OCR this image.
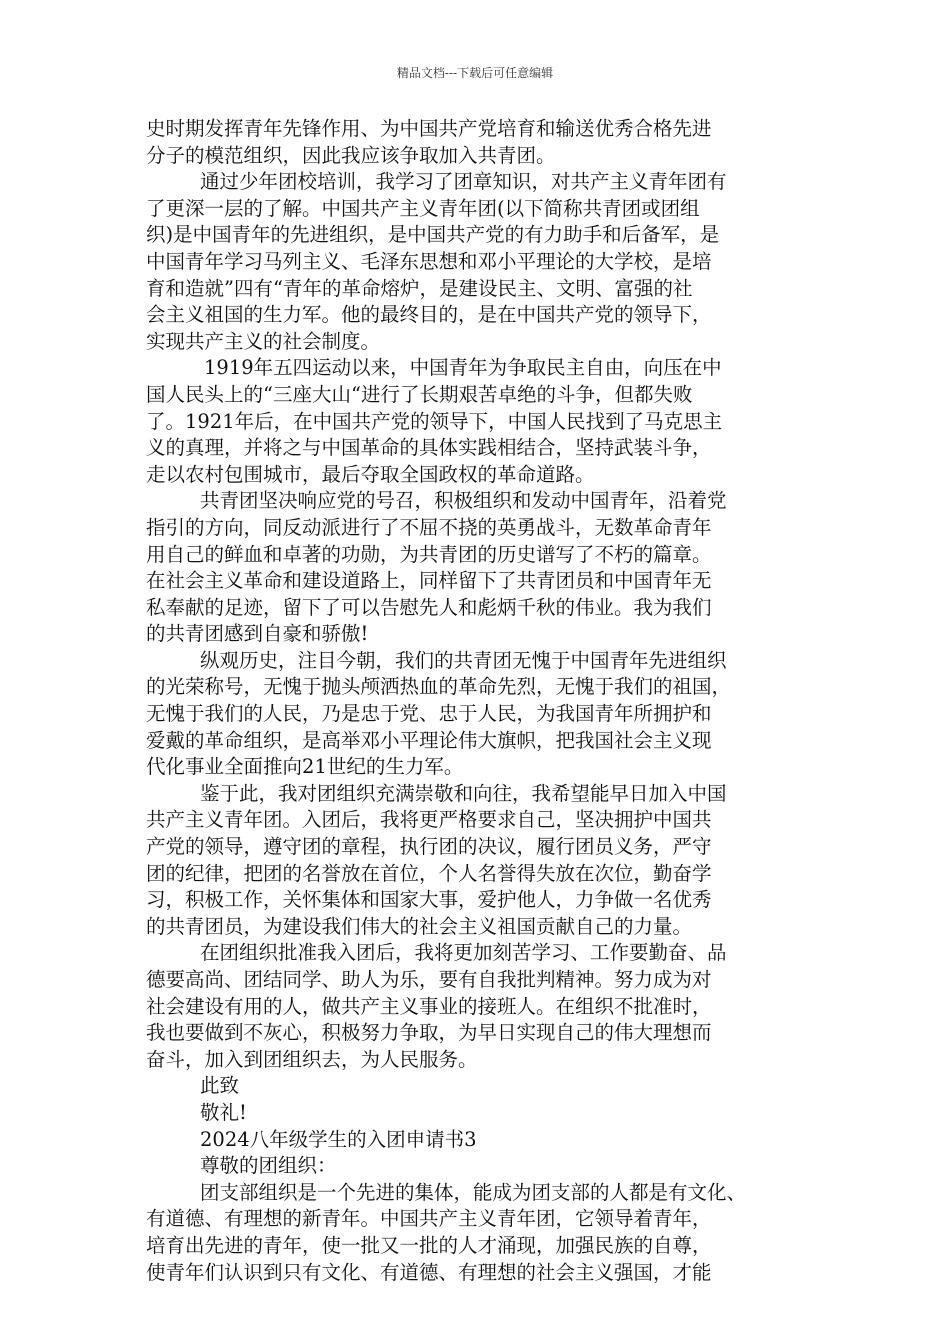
精品文档---下载后可任意编辑
史时期发挥青年先锋作用、为中国共产党培育和输送优秀合格先进
分子的模范组织，因此我应该争取加入共青团。
通过少年团校培训，我学习了团章知识，对共产主义青年团有
了更深一层的了解。中国共产主义青年团(以下简称共青团或团组
织)是中国青年的先进组织，是中国共产党的有力助手和后备军，是
中国青年学习马列主义、毛泽东思想和邓小平理论的大学校，是培
育和造就”四有“青年的革命熔炉，是建设民主、文明、富强的社
会主义祖国的生力军。他的最终目的，是在中国共产党的领导下，
实现共产主义的社会制度。
1919年五四运动以来，中国青年为争取民主自由，向压在中
国人民头上的“三座大山“进行了长期艰苦卓绝的斗争，但都失败
了。1921年后，在中国共产党的领导下，中国人民找到了马克思主
义的真理，并将之与中国革命的具体实践相结合，坚持武装斗争，
走以农村包围城市，最后夺取全国政权的革命道路。
共青团坚决响应党的号召，积极组织和发动中国青年，沿着党
指引的方向，同反动派进行了不屈不挠的英勇战斗，无数革命青年
用自己的鲜血和卓著的功勋，为共青团的历史谱写了不朽的篇章。
在社会主义革命和建设道路上，同样留下了共青团员和中国青年无
私奉献的足迹，留下了可以告慰先人和彪炳千秋的伟业。我为我们
的共青团感到自豪和骄傲!
纵观历史，注目今朝，我们的共青团无愧于中国青年先进组织
的光荣称号，无愧于抛头颅洒热血的革命先烈，无愧于我们的祖国，
无愧于我们的人民，乃是忠于党、忠于人民，为我国青年所拥护和
爱戴的革命组织，是高举邓小平理论伟大旗帜，把我国社会主义现
代化事业全面推向21世纪的生力军。
鉴于此，我对团组织充满崇敬和向往，我希望能早日加入中国
共产主义青年团。入团后，我将更严格要求自己，坚决拥护中国共
产党的领导，遵守团的章程，执行团的决议，履行团员义务，严守
团的纪律，把团的名誉放在首位，个人名誉得失放在次位，勤奋学
习，积极工作，关怀集体和国家大事，爱护他人，力争做一名优秀
的共青团员，为建设我们伟大的社会主义祖国贡献自己的力量。
在团组织批准我入团后，我将更加刻苦学习、工作要勤奋、品
德要高尚、团结同学、助人为乐，要有自我批判精神。努力成为对
社会建设有用的人，做共产主义事业的接班人。在组织不批准时，
我也要做到不灰心，积极努力争取，为早日实现自己的伟大理想而
奋斗，加入到团组织去，为人民服务。
此致
敬礼!
2024八年级学生的入团申请书3
尊敬的团组织：
团支部组织是一个先进的集体，能成为团支部的人都是有文化、
有道德、有理想的新青年。中国共产主义青年团，它领导着青年，
培育出先进的青年，使一批又一批的人才涌现，加强民族的自尊，
使青年们认识到只有文化、有道德、有理想的社会主义强国，才能
